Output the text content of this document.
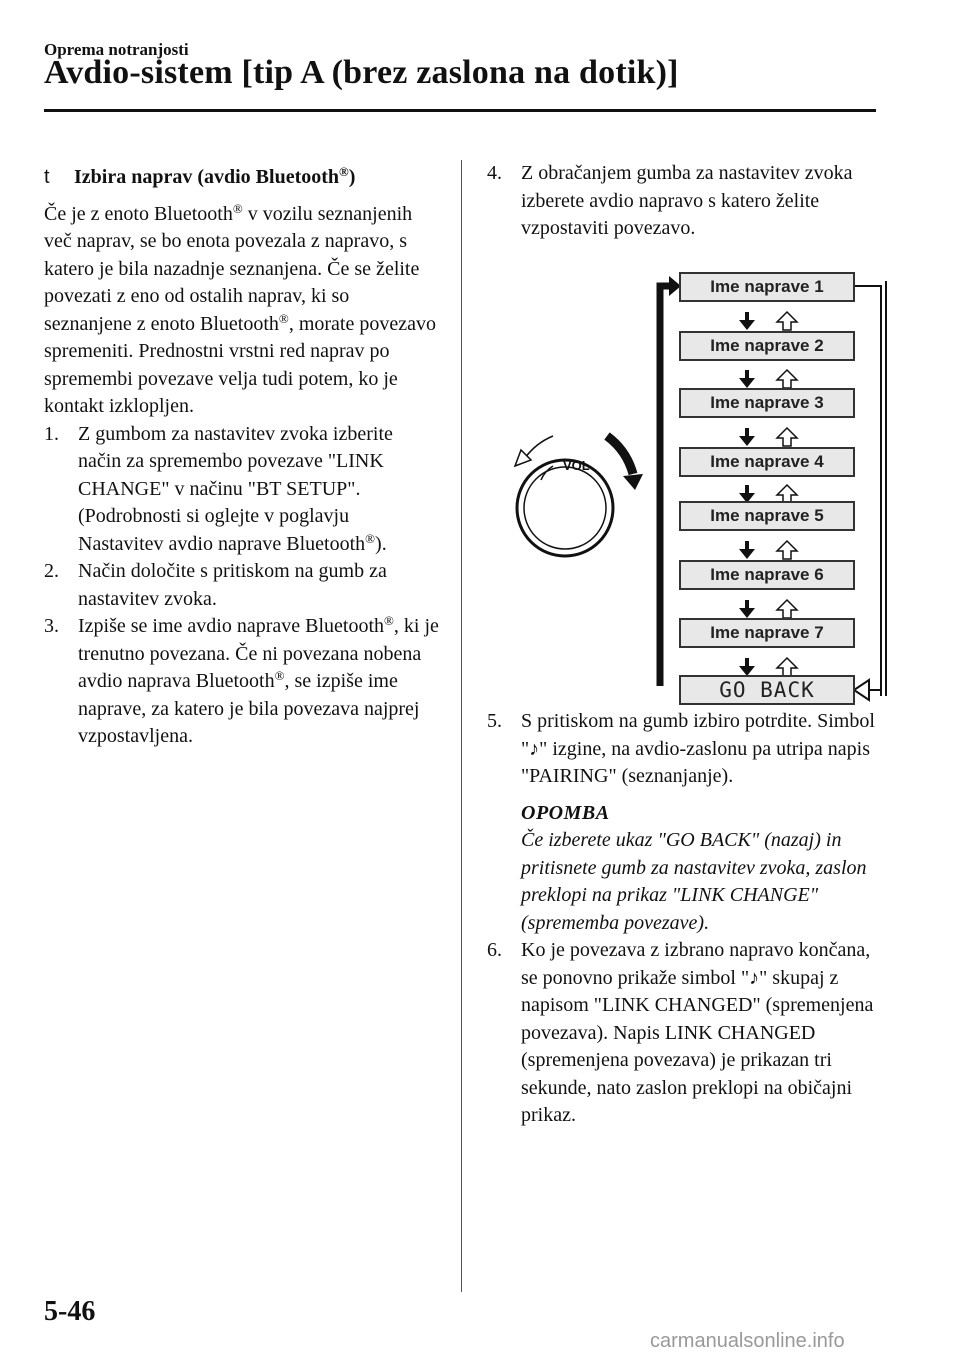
Oprema notranjosti
Avdio-sistem [tip A (brez zaslona na dotik)]
t Izbira naprav (avdio Bluetooth®)

Če je z enoto Bluetooth® v vozilu seznanjenih več naprav, se bo enota povezala z napravo, s katero je bila nazadnje seznanjena. Če se želite povezati z eno od ostalih naprav, ki so seznanjene z enoto Bluetooth®, morate povezavo spremeniti. Prednostni vrstni red naprav po spremembi povezave velja tudi potem, ko je kontakt izklopljen.

1. Z gumbom za nastavitev zvoka izberite način za spremembo povezave "LINK CHANGE" v načinu "BT SETUP". (Podrobnosti si oglejte v poglavju Nastavitev avdio naprave Bluetooth®).
2. Način določite s pritiskom na gumb za nastavitev zvoka.
3. Izpiše se ime avdio naprave Bluetooth®, ki je trenutno povezana. Če ni povezana nobena avdio naprava Bluetooth®, se izpiše ime naprave, za katero je bila povezava najprej vzpostavljena.
4. Z obračanjem gumba za nastavitev zvoka izberete avdio napravo s katero želite vzpostaviti povezavo.
VOL
Ime naprave 1
Ime naprave 2
Ime naprave 3
Ime naprave 4
Ime naprave 5
Ime naprave 6
Ime naprave 7
GO BACK
5. S pritiskom na gumb izbiro potrdite. Simbol "♪" izgine, na avdio-zaslonu pa utripa napis "PAIRING" (seznanjanje).
OPOMBA
Če izberete ukaz "GO BACK" (nazaj) in pritisnete gumb za nastavitev zvoka, zaslon preklopi na prikaz "LINK CHANGE" (sprememba povezave).
6. Ko je povezava z izbrano napravo končana, se ponovno prikaže simbol "♪" skupaj z napisom "LINK CHANGED" (spremenjena povezava). Napis LINK CHANGED (spremenjena povezava) je prikazan tri sekunde, nato zaslon preklopi na običajni prikaz.
5-46
carmanualsonline.info
